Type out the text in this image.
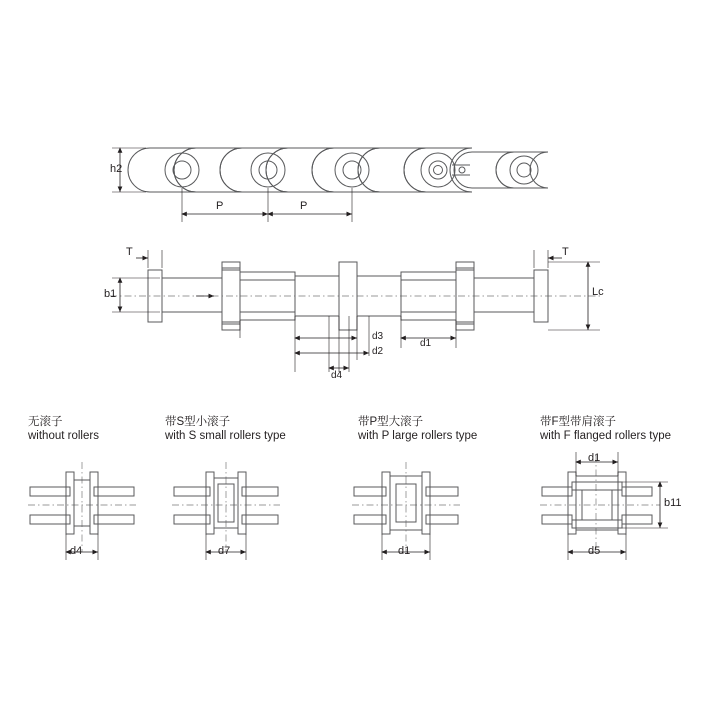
h2
P	P
T	T
b1	Lc
d3
d2
d4
d1
无滚子
without rollers
d4
带S型小滚子
with S small rollers type
d7
带P型大滚子
with P large rollers type
d1
带F型带肩滚子
with F flanged rollers type
d1
b11
d5
